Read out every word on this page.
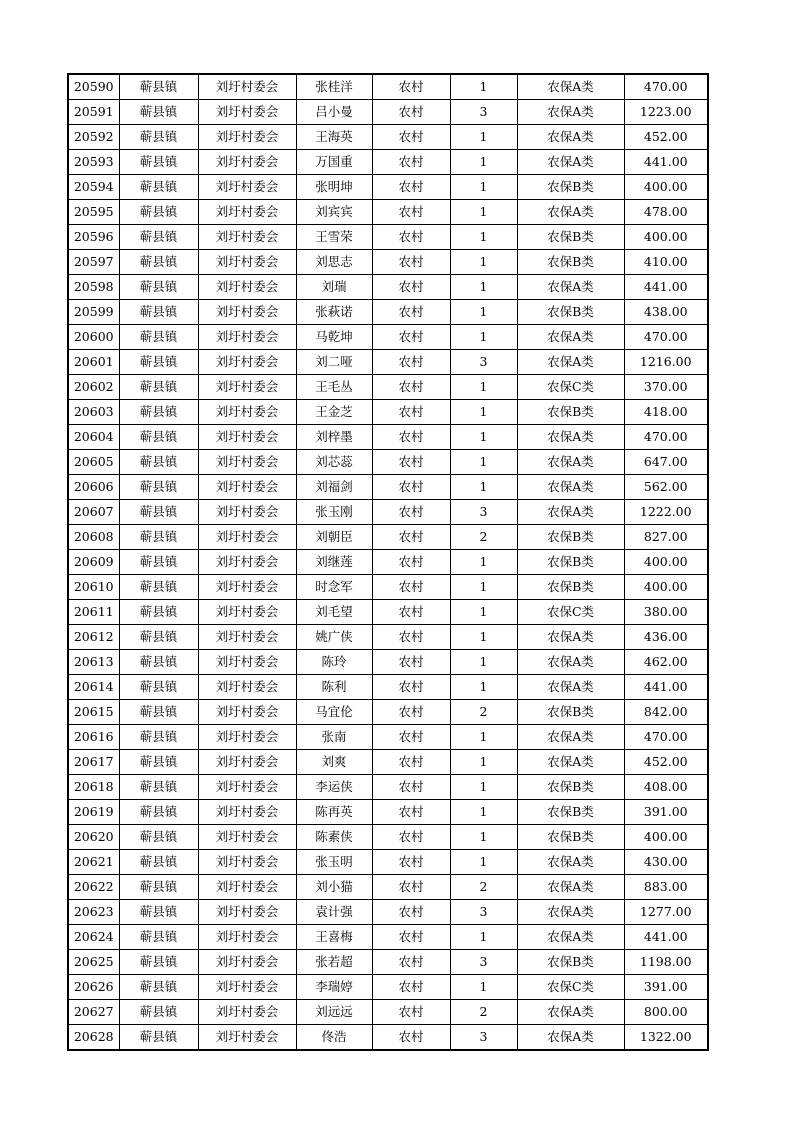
20590	蕲县镇	刘圩村委会	张桂洋	农村	1	农保A类	470.00
20591	蕲县镇	刘圩村委会	吕小曼	农村	3	农保A类	1223.00
20592	蕲县镇	刘圩村委会	王海英	农村	1	农保A类	452.00
20593	蕲县镇	刘圩村委会	万国重	农村	1	农保A类	441.00
20594	蕲县镇	刘圩村委会	张明坤	农村	1	农保B类	400.00
20595	蕲县镇	刘圩村委会	刘宾宾	农村	1	农保A类	478.00
20596	蕲县镇	刘圩村委会	王雪荣	农村	1	农保B类	400.00
20597	蕲县镇	刘圩村委会	刘思志	农村	1	农保B类	410.00
20598	蕲县镇	刘圩村委会	刘瑞	农村	1	农保A类	441.00
20599	蕲县镇	刘圩村委会	张萩诺	农村	1	农保B类	438.00
20600	蕲县镇	刘圩村委会	马乾坤	农村	1	农保A类	470.00
20601	蕲县镇	刘圩村委会	刘二哑	农村	3	农保A类	1216.00
20602	蕲县镇	刘圩村委会	王毛丛	农村	1	农保C类	370.00
20603	蕲县镇	刘圩村委会	王金芝	农村	1	农保B类	418.00
20604	蕲县镇	刘圩村委会	刘梓墨	农村	1	农保A类	470.00
20605	蕲县镇	刘圩村委会	刘芯蕊	农村	1	农保A类	647.00
20606	蕲县镇	刘圩村委会	刘福剑	农村	1	农保A类	562.00
20607	蕲县镇	刘圩村委会	张玉刚	农村	3	农保A类	1222.00
20608	蕲县镇	刘圩村委会	刘朝臣	农村	2	农保B类	827.00
20609	蕲县镇	刘圩村委会	刘继莲	农村	1	农保B类	400.00
20610	蕲县镇	刘圩村委会	时念军	农村	1	农保B类	400.00
20611	蕲县镇	刘圩村委会	刘毛望	农村	1	农保C类	380.00
20612	蕲县镇	刘圩村委会	姚广侠	农村	1	农保A类	436.00
20613	蕲县镇	刘圩村委会	陈玲	农村	1	农保A类	462.00
20614	蕲县镇	刘圩村委会	陈利	农村	1	农保A类	441.00
20615	蕲县镇	刘圩村委会	马宜伦	农村	2	农保B类	842.00
20616	蕲县镇	刘圩村委会	张南	农村	1	农保A类	470.00
20617	蕲县镇	刘圩村委会	刘爽	农村	1	农保A类	452.00
20618	蕲县镇	刘圩村委会	李运侠	农村	1	农保B类	408.00
20619	蕲县镇	刘圩村委会	陈再英	农村	1	农保B类	391.00
20620	蕲县镇	刘圩村委会	陈素侠	农村	1	农保B类	400.00
20621	蕲县镇	刘圩村委会	张玉明	农村	1	农保A类	430.00
20622	蕲县镇	刘圩村委会	刘小猫	农村	2	农保A类	883.00
20623	蕲县镇	刘圩村委会	袁计强	农村	3	农保A类	1277.00
20624	蕲县镇	刘圩村委会	王喜梅	农村	1	农保A类	441.00
20625	蕲县镇	刘圩村委会	张若超	农村	3	农保B类	1198.00
20626	蕲县镇	刘圩村委会	李瑞婷	农村	1	农保C类	391.00
20627	蕲县镇	刘圩村委会	刘远远	农村	2	农保A类	800.00
20628	蕲县镇	刘圩村委会	佟浩	农村	3	农保A类	1322.00
